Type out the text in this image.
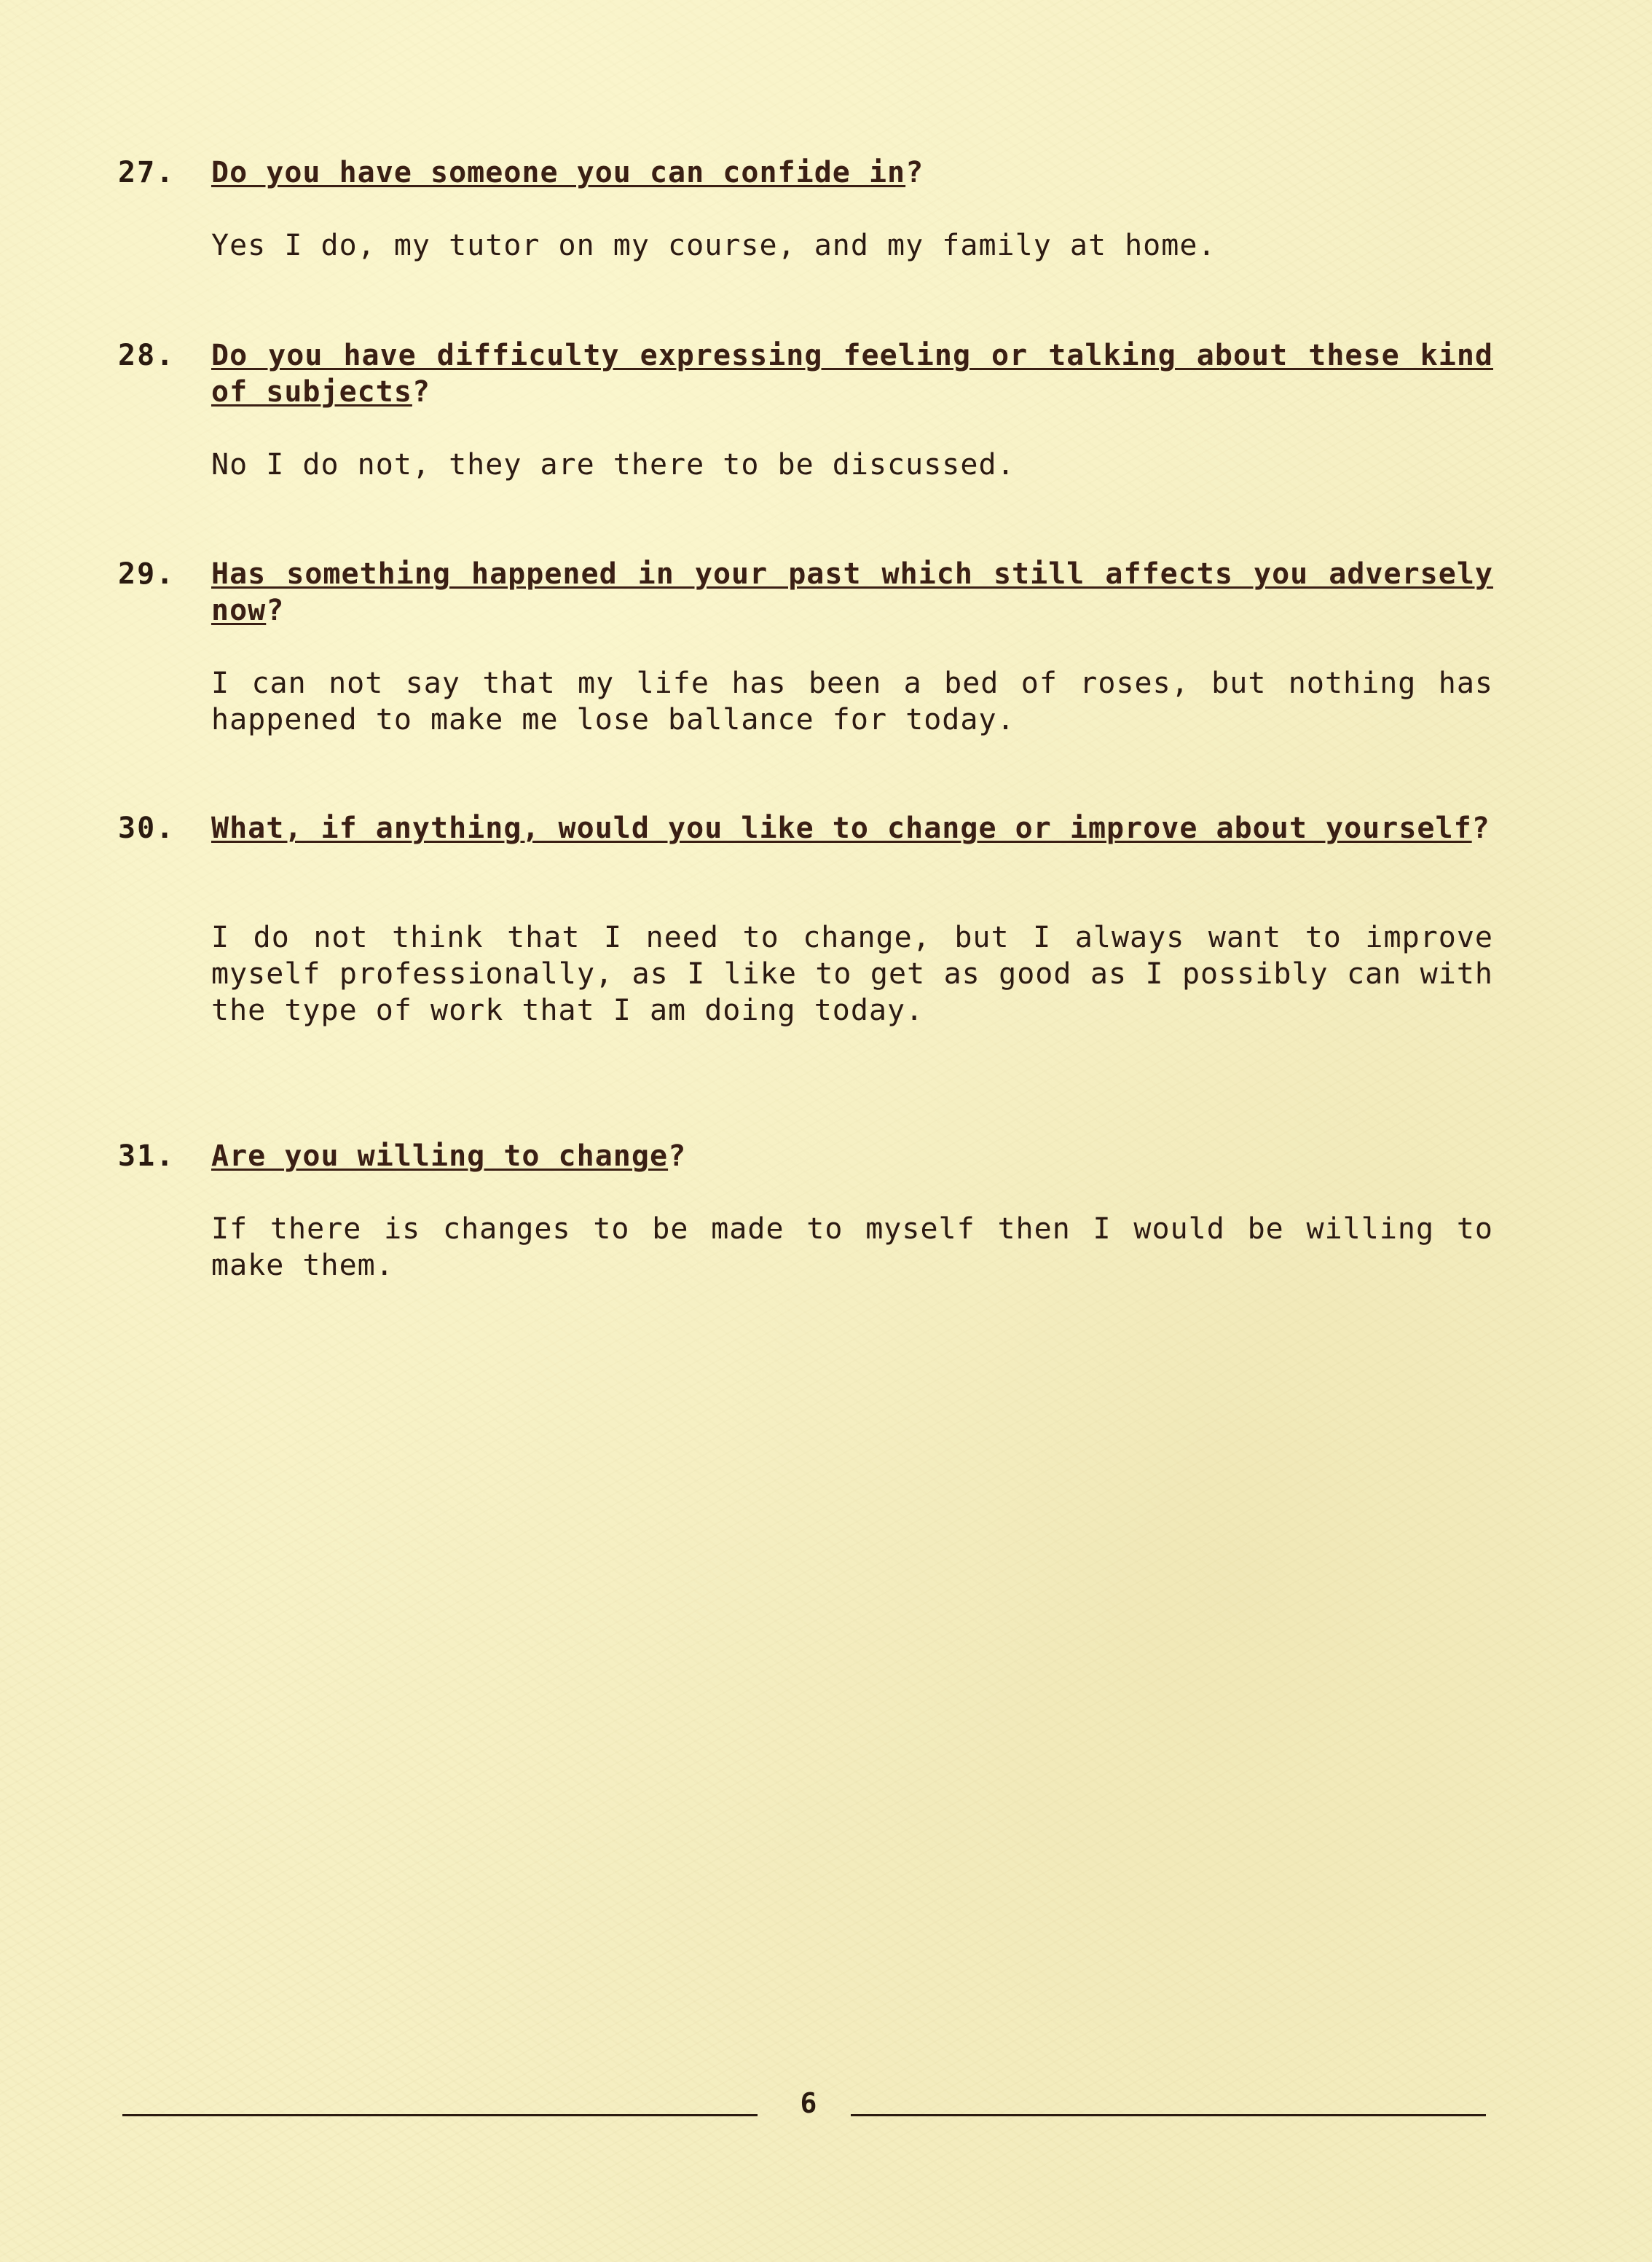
27. Do you have someone you can confide in?
Yes I do, my tutor on my course, and my family at home.
28. Do you have difficulty expressing feeling or talking about these kind of subjects?
No I do not, they are there to be discussed.
29. Has something happened in your past which still affects you adversely now?
I can not say that my life has been a bed of roses, but nothing has happened to make me lose ballance for today.
30. What, if anything, would you like to change or improve about yourself?
I do not think that I need to change, but I always want to improve myself professionally, as I like to get as good as I possibly can with the type of work that I am doing today.
31. Are you willing to change?
If there is changes to be made to myself then I would be willing to make them.
6
